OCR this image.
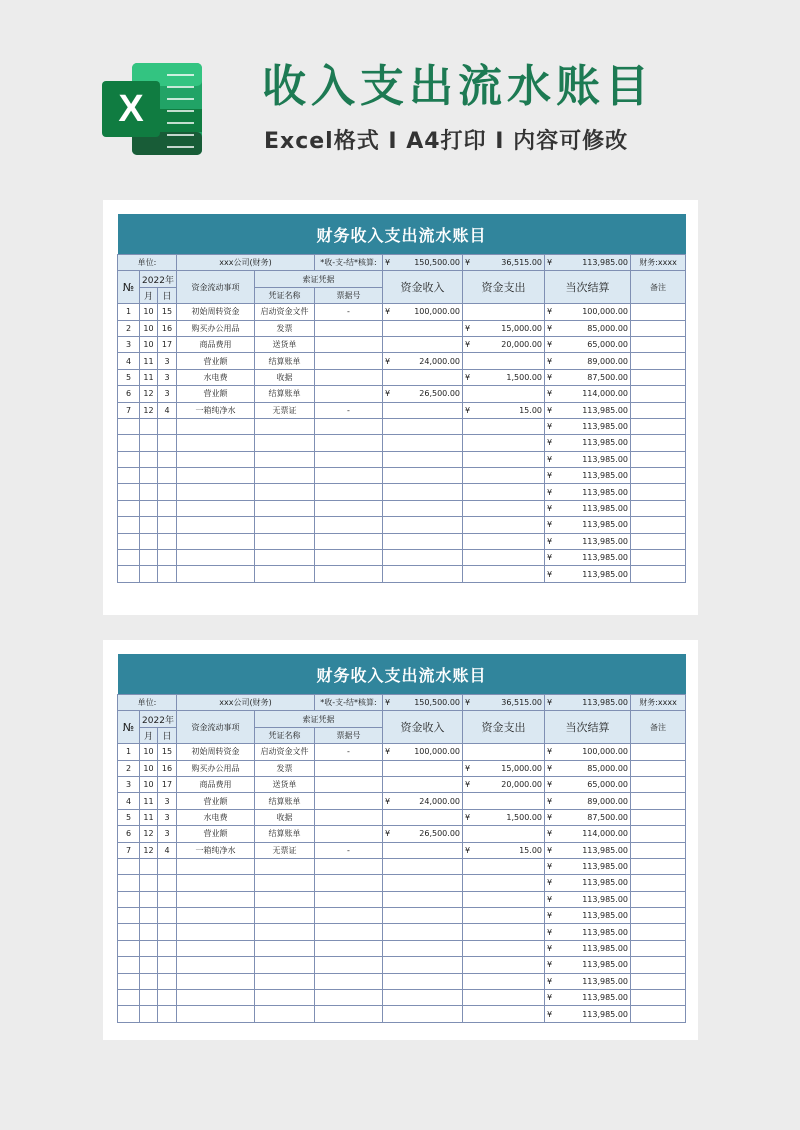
X	收入支出流水账目
Excel格式 I A4打印 I 内容可修改
财务收入支出流水账目									
单位:			xxx公司(财务)		*收-支-结*核算:	¥ 150,500.00	¥ 36,515.00	¥ 113,985.00	财务:xxxx
№	2022年		资金流动事项	索证凭据		资金收入	资金支出	当次结算	备注
	月	日		凭证名称	票据号				
1	10	15	初始周转资金	启动资金文件	-	¥ 100,000.00		¥ 100,000.00	

2	10	16	购买办公用品	发票			¥ 15,000.00	¥ 85,000.00	

3	10	17	商品费用	送货单			¥ 20,000.00	¥ 65,000.00	

4	11	3	营业额	结算账单		¥ 24,000.00		¥ 89,000.00	

5	11	3	水电费	收据			¥ 1,500.00	¥ 87,500.00	

6	12	3	营业额	结算账单		¥ 26,500.00		¥ 114,000.00	

7	12	4	一箱纯净水	无票证	-		¥ 15.00	¥ 113,985.00	

								¥ 113,985.00	

								¥ 113,985.00	

								¥ 113,985.00	

								¥ 113,985.00	

								¥ 113,985.00	

								¥ 113,985.00	

								¥ 113,985.00	

								¥ 113,985.00	

								¥ 113,985.00	

								¥ 113,985.00	

财务收入支出流水账目									
单位:			xxx公司(财务)		*收-支-结*核算:	¥ 150,500.00	¥ 36,515.00	¥ 113,985.00	财务:xxxx
№	2022年		资金流动事项	索证凭据		资金收入	资金支出	当次结算	备注
	月	日		凭证名称	票据号				
1	10	15	初始周转资金	启动资金文件	-	¥ 100,000.00		¥ 100,000.00	

2	10	16	购买办公用品	发票			¥ 15,000.00	¥ 85,000.00	

3	10	17	商品费用	送货单			¥ 20,000.00	¥ 65,000.00	

4	11	3	营业额	结算账单		¥ 24,000.00		¥ 89,000.00	

5	11	3	水电费	收据			¥ 1,500.00	¥ 87,500.00	

6	12	3	营业额	结算账单		¥ 26,500.00		¥ 114,000.00	

7	12	4	一箱纯净水	无票证	-		¥ 15.00	¥ 113,985.00	

								¥ 113,985.00	

								¥ 113,985.00	

								¥ 113,985.00	

								¥ 113,985.00	

								¥ 113,985.00	

								¥ 113,985.00	

								¥ 113,985.00	

								¥ 113,985.00	

								¥ 113,985.00	

								¥ 113,985.00	
